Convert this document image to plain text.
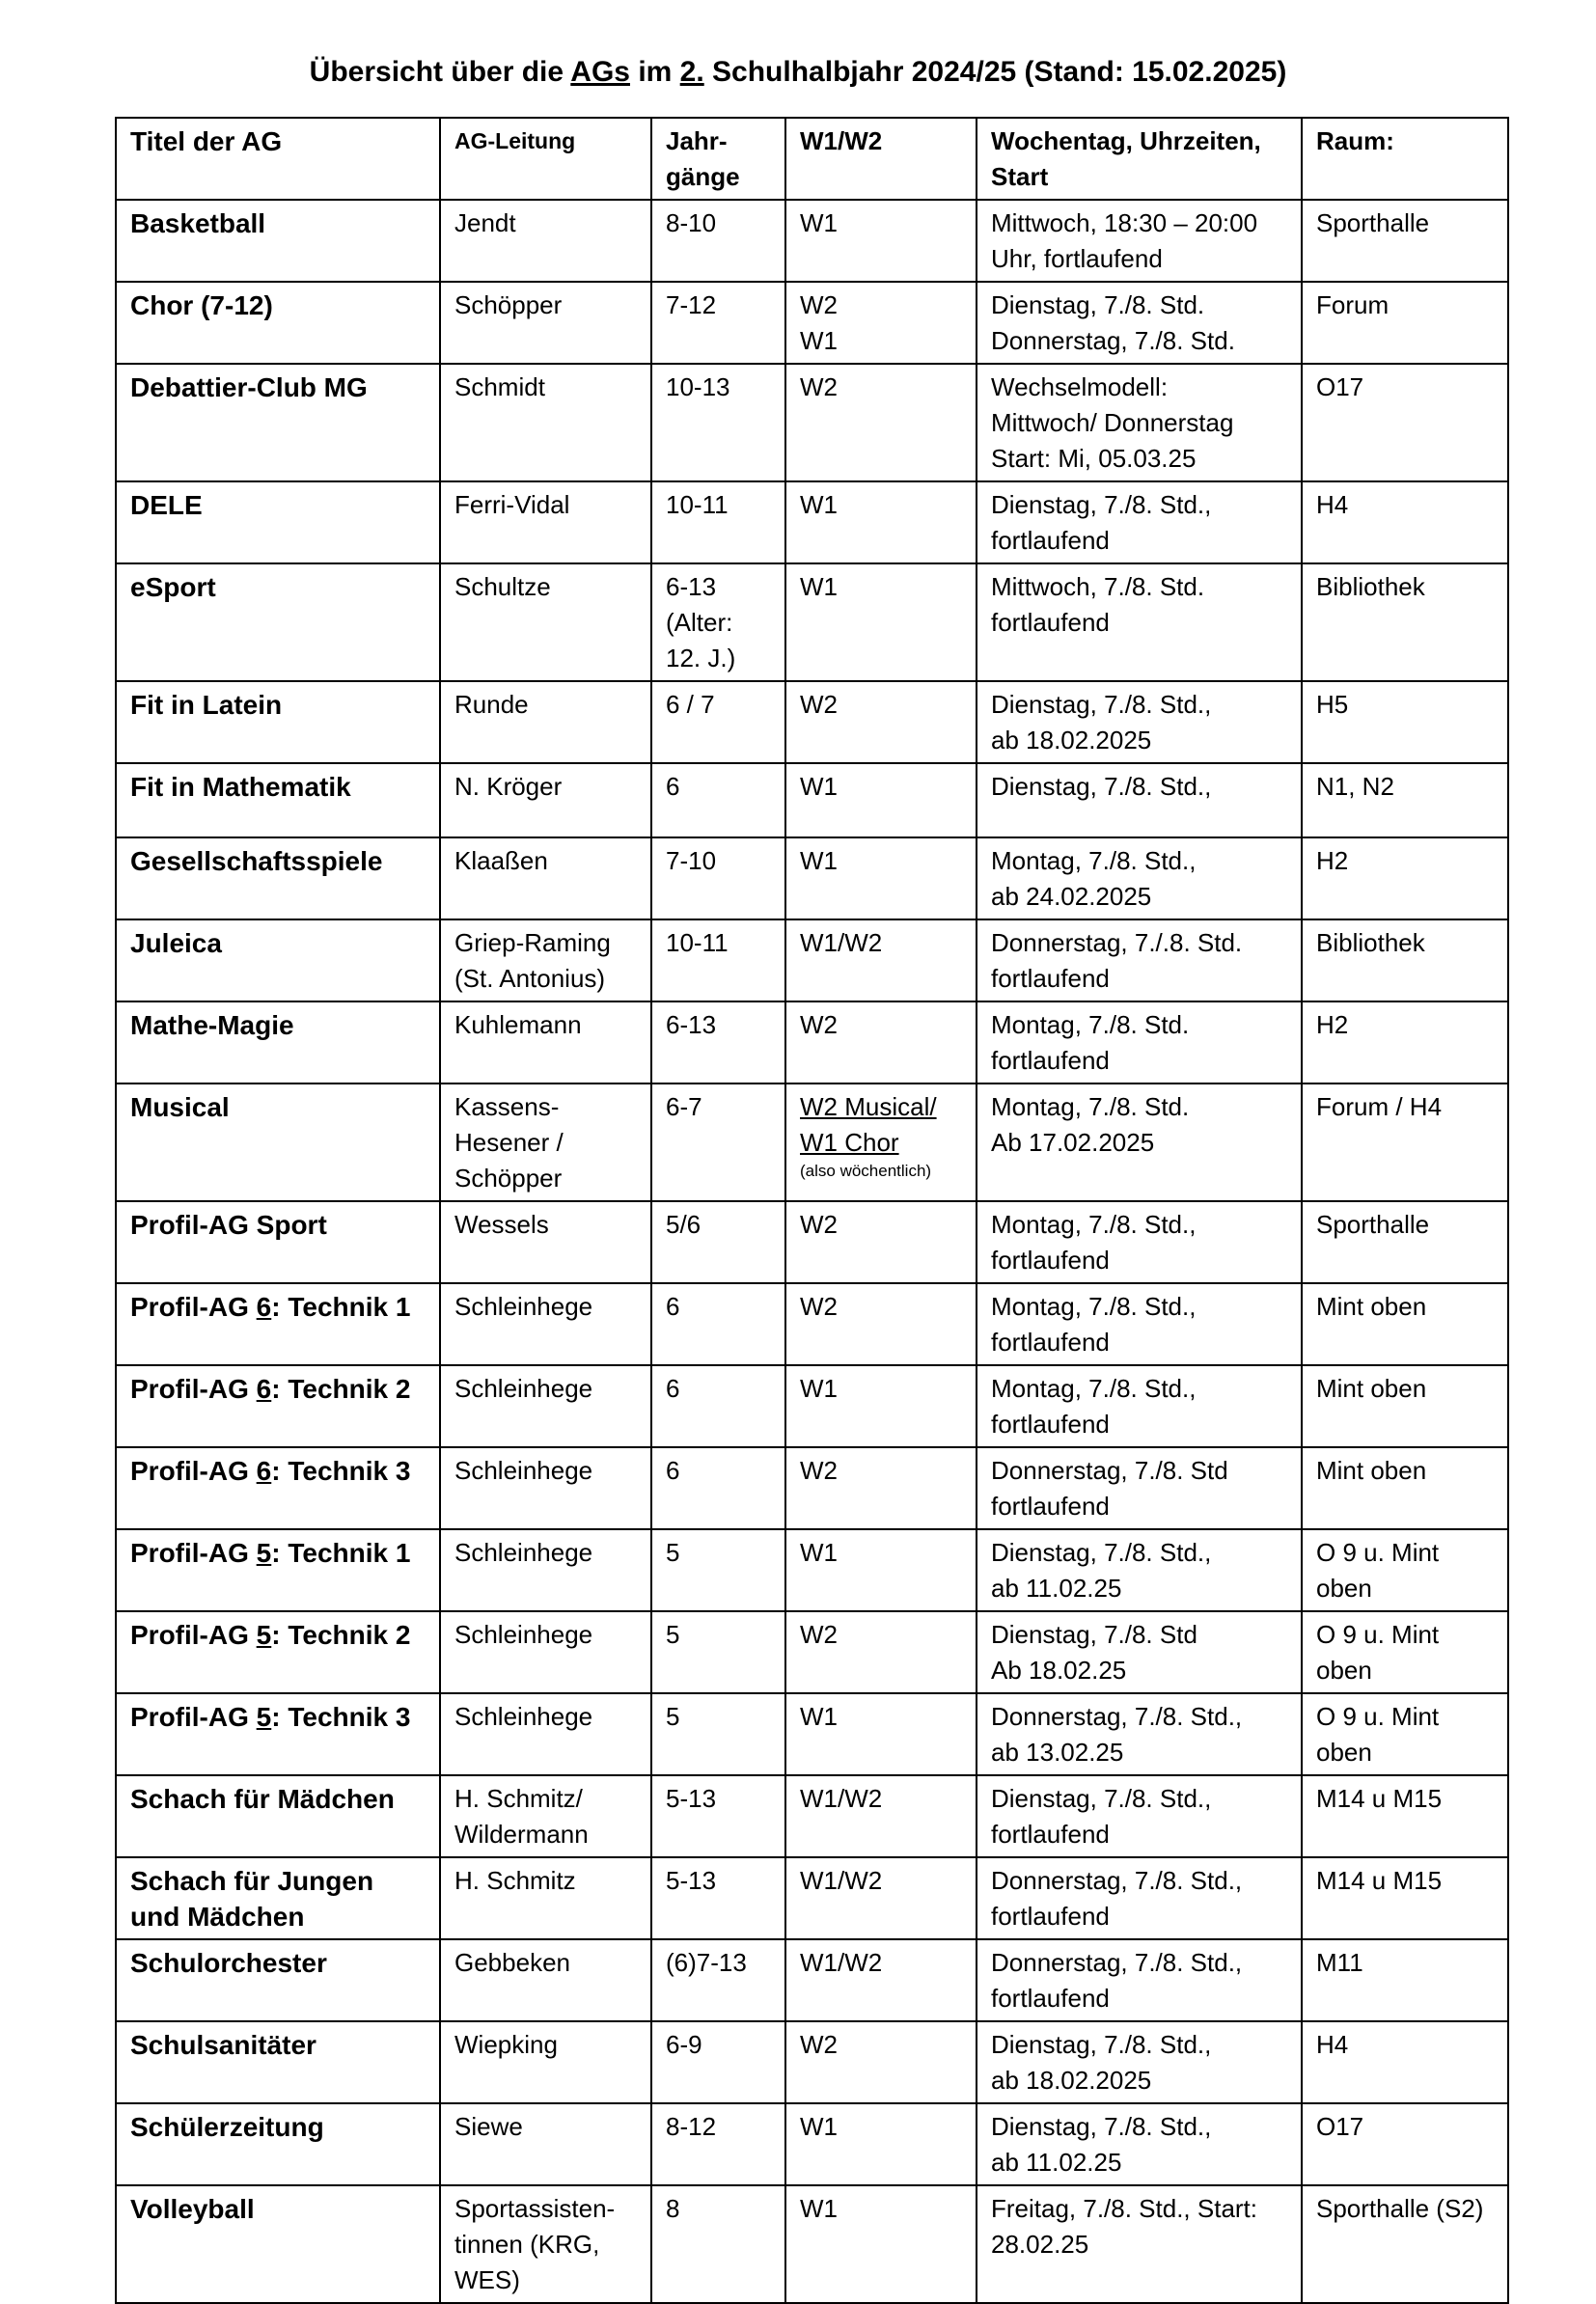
Übersicht über die AGs im 2. Schulhalbjahr 2024/25 (Stand: 15.02.2025)
Titel der AG	AG-Leitung	Jahr-
gänge	W1/W2	Wochentag, Uhrzeiten,
Start	Raum:
Basketball	Jendt	8-10	W1	Mittwoch, 18:30 – 20:00
Uhr, fortlaufend	Sporthalle
Chor (7-12)	Schöpper	7-12	W2
W1	Dienstag, 7./8. Std.
Donnerstag, 7./8. Std.	Forum
Debattier-Club MG	Schmidt	10-13	W2	Wechselmodell:
Mittwoch/ Donnerstag
Start: Mi, 05.03.25	O17
DELE	Ferri-Vidal	10-11	W1	Dienstag, 7./8. Std.,
fortlaufend	H4
eSport	Schultze	6-13
(Alter:
12. J.)	W1	Mittwoch, 7./8. Std.
fortlaufend	Bibliothek
Fit in Latein	Runde	6 / 7	W2	Dienstag, 7./8. Std.,
ab 18.02.2025	H5
Fit in Mathematik	N. Kröger	6	W1	Dienstag, 7./8. Std.,	N1, N2
Gesellschaftsspiele	Klaaßen	7-10	W1	Montag, 7./8. Std.,
ab 24.02.2025	H2
Juleica	Griep-Raming
(St. Antonius)	10-11	W1/W2	Donnerstag, 7./.8. Std.
fortlaufend	Bibliothek
Mathe-Magie	Kuhlemann	6-13	W2	Montag, 7./8. Std.
fortlaufend	H2
Musical	Kassens-
Hesener /
Schöpper	6-7	W2 Musical/
W1 Chor
(also wöchentlich)	Montag, 7./8. Std.
Ab 17.02.2025	Forum / H4
Profil-AG Sport	Wessels	5/6	W2	Montag, 7./8. Std.,
fortlaufend	Sporthalle
Profil-AG 6: Technik 1	Schleinhege	6	W2	Montag, 7./8. Std.,
fortlaufend	Mint oben
Profil-AG 6: Technik 2	Schleinhege	6	W1	Montag, 7./8. Std.,
fortlaufend	Mint oben
Profil-AG 6: Technik 3	Schleinhege	6	W2	Donnerstag, 7./8. Std
fortlaufend	Mint oben
Profil-AG 5: Technik 1	Schleinhege	5	W1	Dienstag, 7./8. Std.,
ab 11.02.25	O 9 u. Mint
oben

Profil-AG 5: Technik 2	Schleinhege	5	W2	Dienstag, 7./8. Std
Ab 18.02.25	O 9 u. Mint
oben

Profil-AG 5: Technik 3	Schleinhege	5	W1	Donnerstag, 7./8. Std.,
ab 13.02.25	O 9 u. Mint
oben

Schach für Mädchen	H. Schmitz/
Wildermann	5-13	W1/W2	Dienstag, 7./8. Std.,
fortlaufend	M14 u M15

Schach für Jungen
und Mädchen	H. Schmitz	5-13	W1/W2	Donnerstag, 7./8. Std.,
fortlaufend	M14 u M15
Schulorchester	Gebbeken	(6)7-13	W1/W2	Donnerstag, 7./8. Std.,
fortlaufend	M11
Schulsanitäter	Wiepking	6-9	W2	Dienstag, 7./8. Std.,
ab 18.02.2025	H4
Schülerzeitung	Siewe	8-12	W1	Dienstag, 7./8. Std.,
ab 11.02.25	O17
Volleyball	Sportassisten-
tinnen (KRG,
WES)	8	W1	Freitag, 7./8. Std., Start:
28.02.25	Sporthalle (S2)
